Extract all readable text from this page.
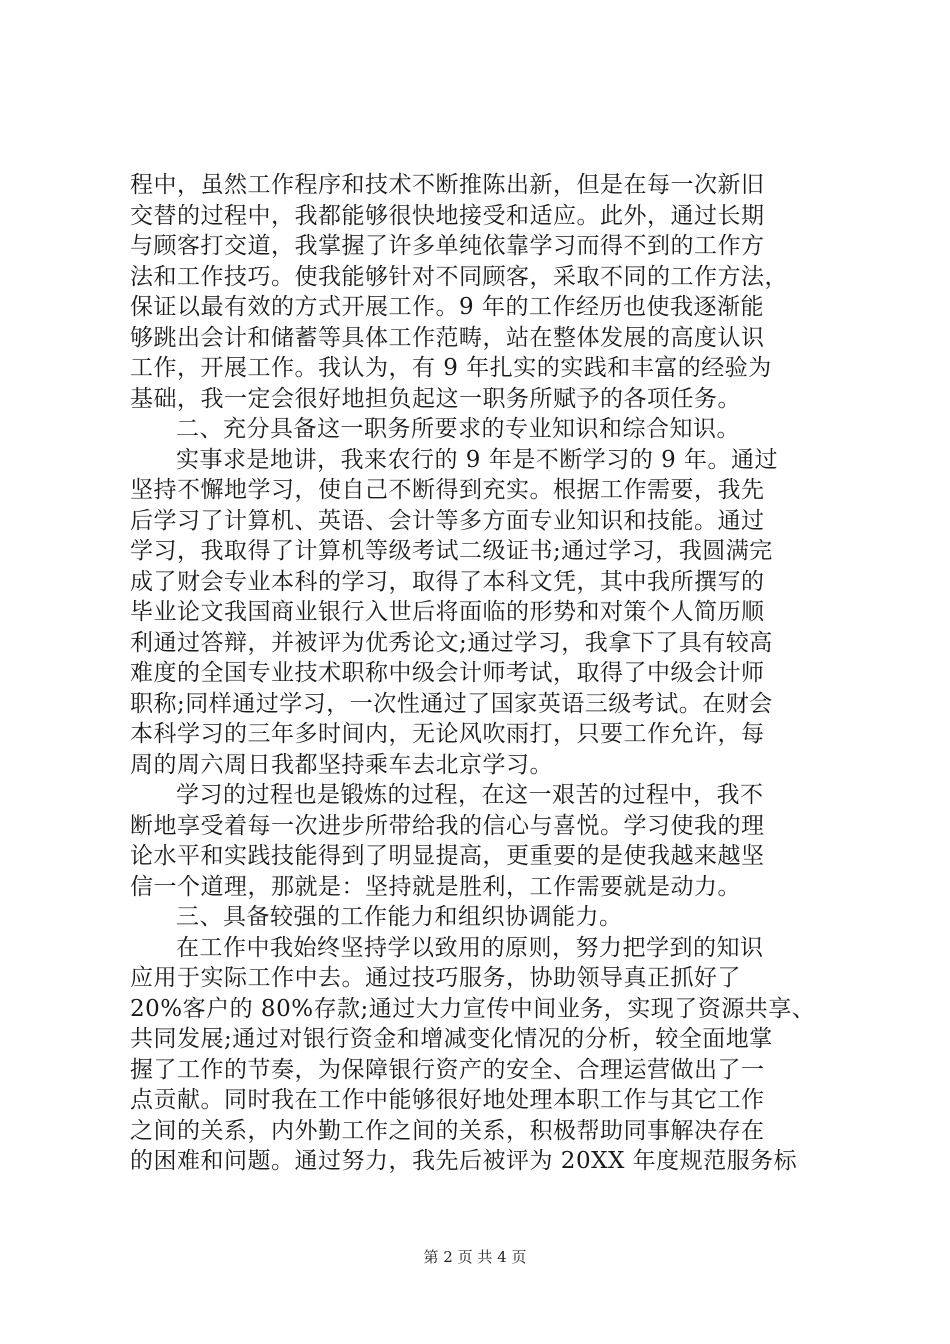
程中，虽然工作程序和技术不断推陈出新，但是在每一次新旧
交替的过程中，我都能够很快地接受和适应。此外，通过长期
与顾客打交道，我掌握了许多单纯依靠学习而得不到的工作方
法和工作技巧。使我能够针对不同顾客，采取不同的工作方法，
保证以最有效的方式开展工作。9 年的工作经历也使我逐渐能
够跳出会计和储蓄等具体工作范畴，站在整体发展的高度认识
工作，开展工作。我认为，有 9 年扎实的实践和丰富的经验为
基础，我一定会很好地担负起这一职务所赋予的各项任务。
二、充分具备这一职务所要求的专业知识和综合知识。
实事求是地讲，我来农行的 9 年是不断学习的 9 年。通过
坚持不懈地学习，使自己不断得到充实。根据工作需要，我先
后学习了计算机、英语、会计等多方面专业知识和技能。通过
学习，我取得了计算机等级考试二级证书;通过学习，我圆满完
成了财会专业本科的学习，取得了本科文凭，其中我所撰写的
毕业论文我国商业银行入世后将面临的形势和对策个人简历顺
利通过答辩，并被评为优秀论文;通过学习，我拿下了具有较高
难度的全国专业技术职称中级会计师考试，取得了中级会计师
职称;同样通过学习，一次性通过了国家英语三级考试。在财会
本科学习的三年多时间内，无论风吹雨打，只要工作允许，每
周的周六周日我都坚持乘车去北京学习。
学习的过程也是锻炼的过程，在这一艰苦的过程中，我不
断地享受着每一次进步所带给我的信心与喜悦。学习使我的理
论水平和实践技能得到了明显提高，更重要的是使我越来越坚
信一个道理，那就是：坚持就是胜利，工作需要就是动力。
三、具备较强的工作能力和组织协调能力。
在工作中我始终坚持学以致用的原则，努力把学到的知识
应用于实际工作中去。通过技巧服务，协助领导真正抓好了
20%客户的 80%存款;通过大力宣传中间业务，实现了资源共享、
共同发展;通过对银行资金和增减变化情况的分析，较全面地掌
握了工作的节奏，为保障银行资产的安全、合理运营做出了一
点贡献。同时我在工作中能够很好地处理本职工作与其它工作
之间的关系，内外勤工作之间的关系，积极帮助同事解决存在
的困难和问题。通过努力，我先后被评为 20XX 年度规范服务标
第 2 页 共 4 页
